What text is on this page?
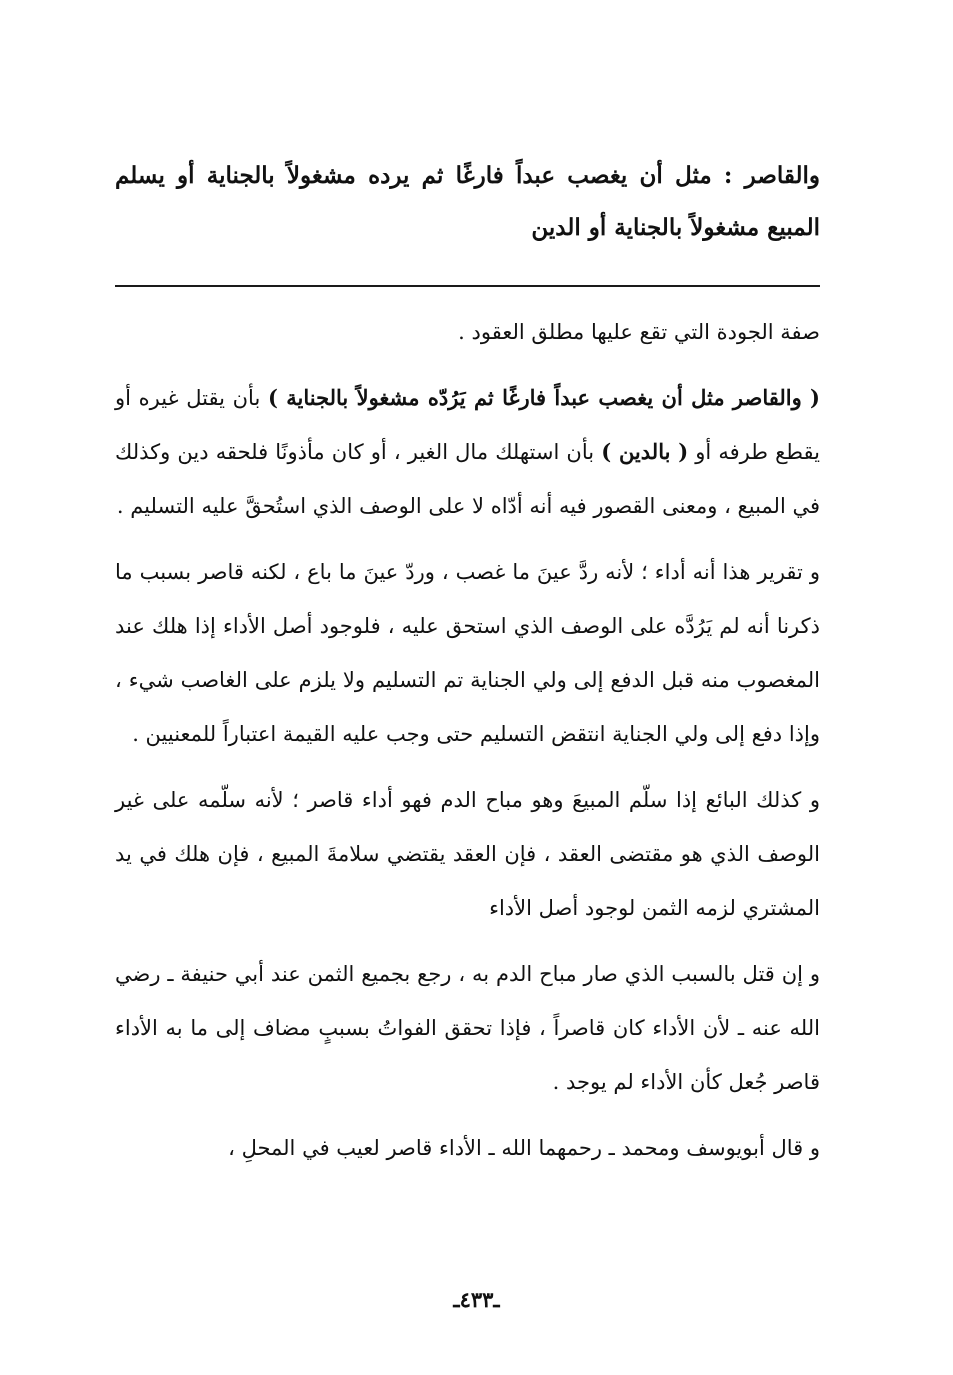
والقاصر : مثل أن يغصب عبداً فارغًا ثم يرده مشغولاً بالجناية أو يسلم المبيع مشغولاً بالجناية أو الدين

صفة الجودة التي تقع عليها مطلق العقود .

( والقاصر مثل أن يغصب عبداً فارغًا ثم يَرُدّه مشغولاً بالجناية ) بأن يقتل غيره أو يقطع طرفه أو ( بالدين ) بأن استهلك مال الغير ، أو كان مأذونًا فلحقه دين وكذلك في المبيع ، ومعنى القصور فيه أنه أدّاه لا على الوصف الذي استُحقَّ عليه التسليم .

و تقرير هذا أنه أداء ؛ لأنه ردَّ عينَ ما غصب ، وردّ عينَ ما باع ، لكنه قاصر بسبب ما ذكرنا أنه لم يَرُدَّه على الوصف الذي استحق عليه ، فلوجود أصل الأداء إذا هلك عند المغصوب منه قبل الدفع إلى ولي الجناية تم التسليم ولا يلزم على الغاصب شيء ، وإذا دفع إلى ولي الجناية انتقض التسليم حتى وجب عليه القيمة اعتباراً للمعنيين .

و كذلك البائع إذا سلّم المبيعَ وهو مباح الدم فهو أداء قاصر ؛ لأنه سلّمه على غير الوصف الذي هو مقتضى العقد ، فإن العقد يقتضي سلامةَ المبيع ، فإن هلك في يد المشتري لزمه الثمن لوجود أصل الأداء

و إن قتل بالسبب الذي صار مباح الدم به ، رجع بجميع الثمن عند أبي حنيفة ـ رضي الله عنه ـ لأن الأداء كان قاصراً ، فإذا تحقق الفواتُ بسببٍ مضاف إلى ما به الأداء قاصر جُعل كأن الأداء لم يوجد .

و قال أبويوسف ومحمد ـ رحمهما الله ـ الأداء قاصر لعيب في المحلِ ،

ـ٤٣٣ـ
